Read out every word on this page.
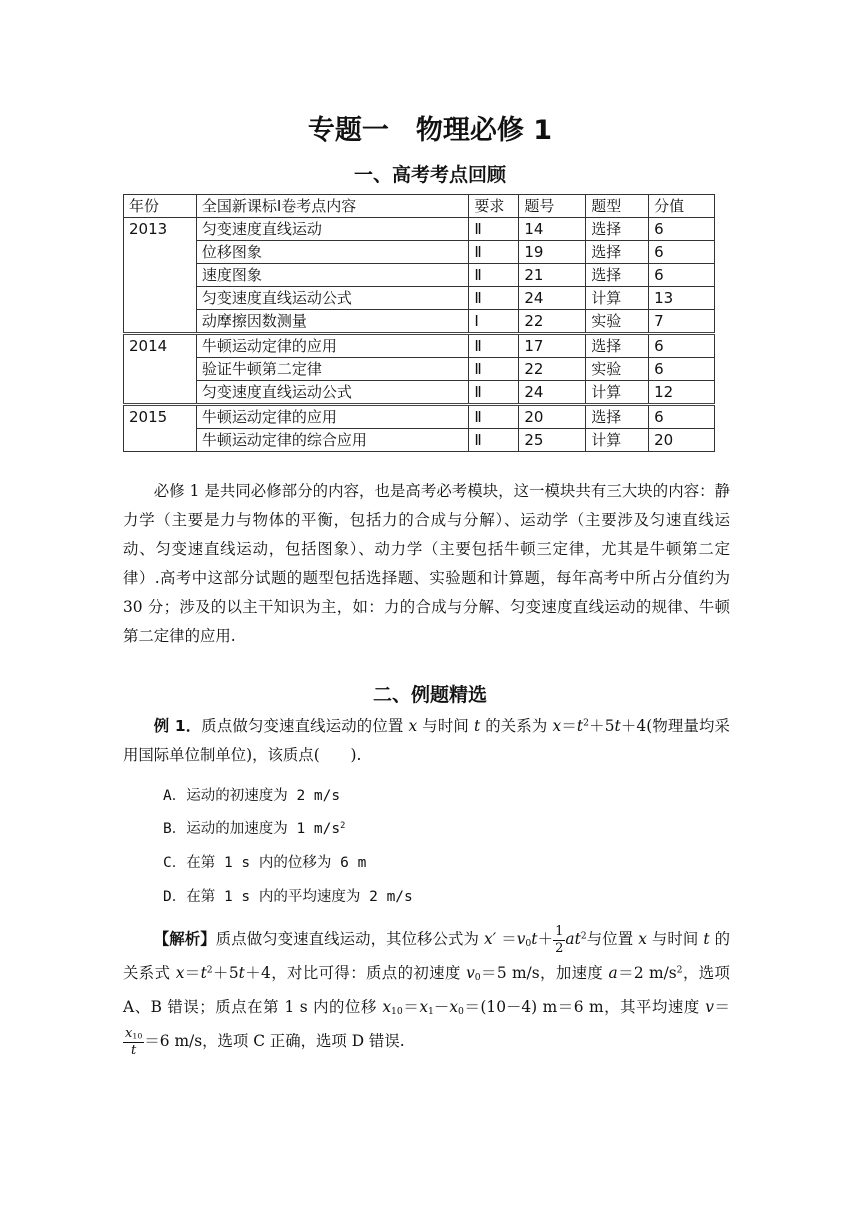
专题一　物理必修 1
一、高考考点回顾
年份	全国新课标Ⅰ卷考点内容	要求	题号	题型	分值
2013	匀变速度直线运动	Ⅱ	14	选择	6
	位移图象	Ⅱ	19	选择	6
	速度图象	Ⅱ	21	选择	6
	匀变速度直线运动公式	Ⅱ	24	计算	13
	动摩擦因数测量	Ⅰ	22	实验	7
2014	牛顿运动定律的应用	Ⅱ	17	选择	6
	验证牛顿第二定律	Ⅱ	22	实验	6
	匀变速度直线运动公式	Ⅱ	24	计算	12
2015	牛顿运动定律的应用	Ⅱ	20	选择	6
	牛顿运动定律的综合应用	Ⅱ	25	计算	20
必修 1 是共同必修部分的内容，也是高考必考模块，这一模块共有三大块的内容：静力学（主要是力与物体的平衡，包括力的合成与分解）、运动学（主要涉及匀速直线运动、匀变速直线运动，包括图象）、动力学（主要包括牛顿三定律，尤其是牛顿第二定律）.高考中这部分试题的题型包括选择题、实验题和计算题，每年高考中所占分值约为 30 分；涉及的以主干知识为主，如：力的合成与分解、匀变速度直线运动的规律、牛顿第二定律的应用.
二、例题精选
例 1．质点做匀变速直线运动的位置 x 与时间 t 的关系为 $x=t^2+5t+4$(物理量均采用国际单位制单位)，该质点(　　).
A．运动的初速度为 2 m/s
B．运动的加速度为 1 $m/s^2$
C．在第 1 s 内的位移为 6 m
D．在第 1 s 内的平均速度为 2 m/s
【解析】质点做匀变速直线运动，其位移公式为 $x' =v_0t+ \frac{1}{2} at^2$与位置 x 与时间 t 的关系式 $x=t^2+5t+4$，对比可得：质点的初速度 $v_0=5$ m/s，加速度 a＝2 $m/s^2$，选项 A、B 错误；质点在第 1 s 内的位移 $x_{10}=x_1-x_0=(10-4)$ m＝6 m，其平均速度 v＝
$\frac{x_{10}}{t} =6$ m/s，选项 C 正确，选项 D 错误.
